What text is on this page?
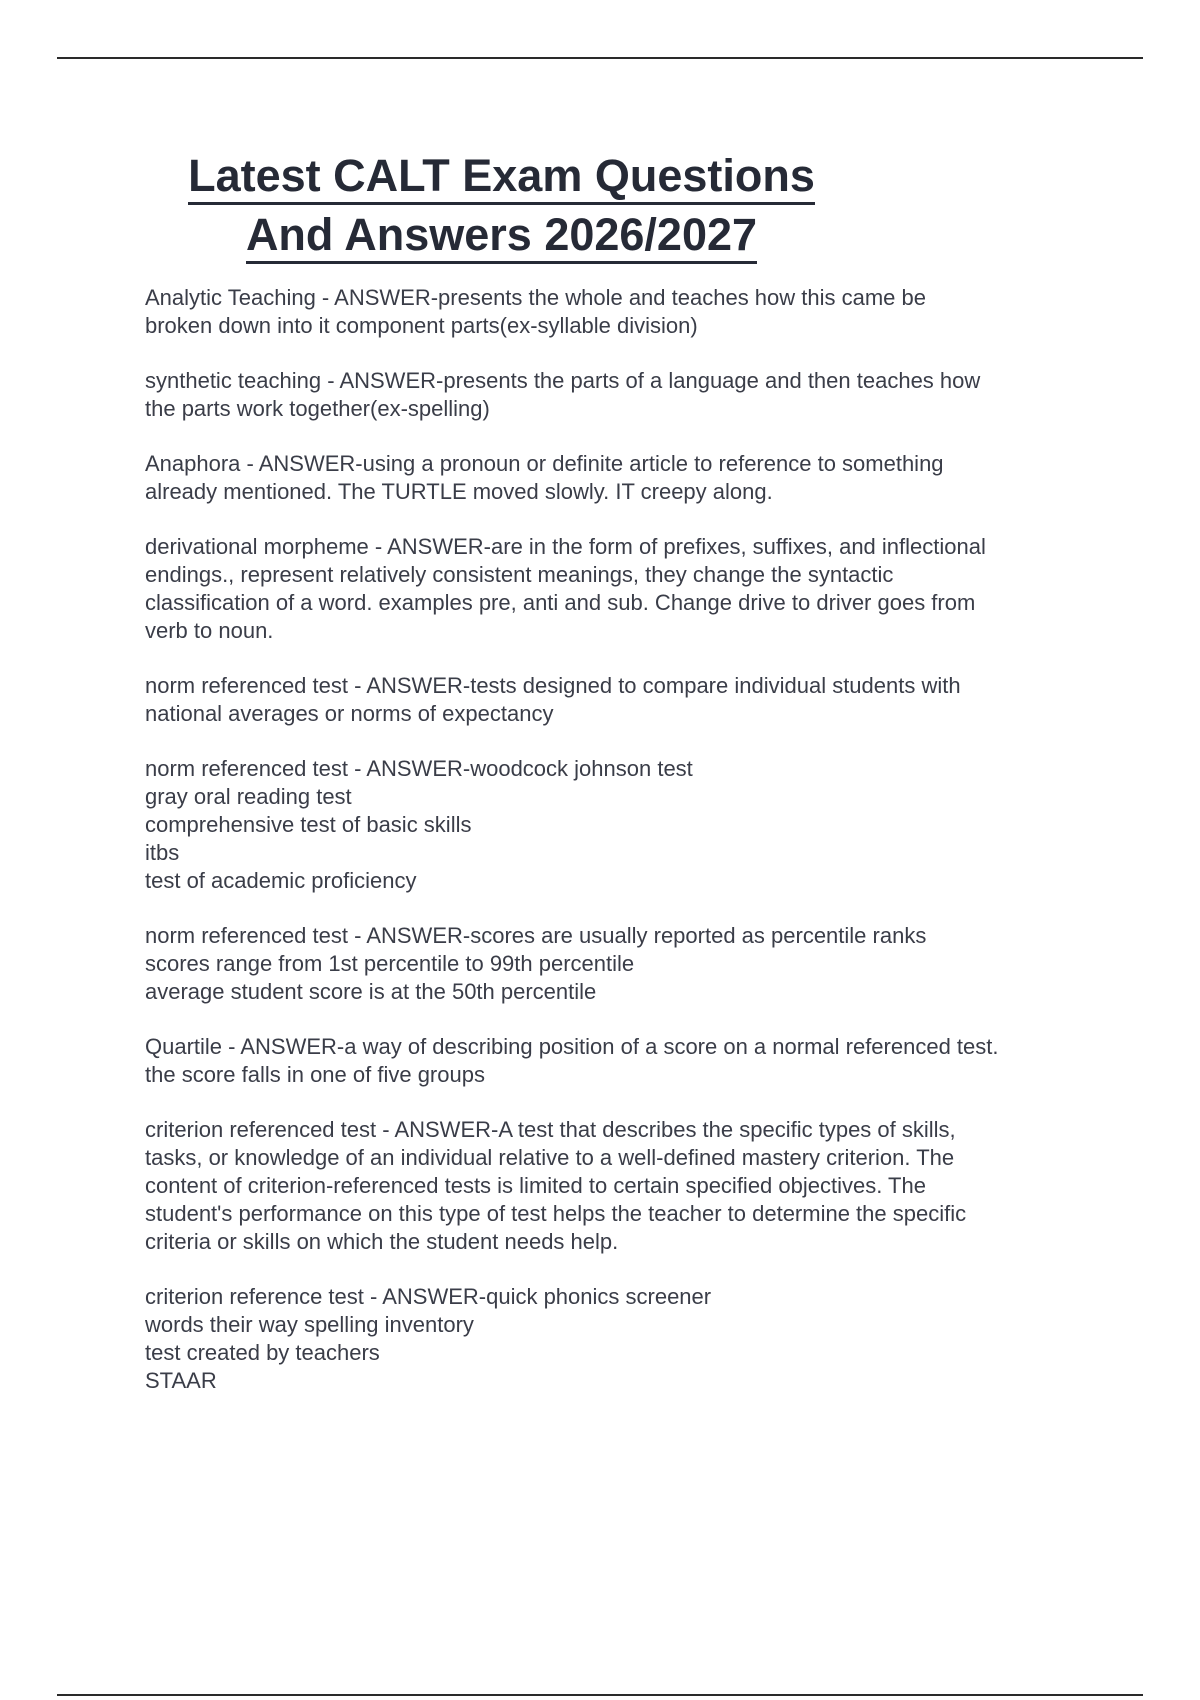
Latest CALT Exam Questions
And Answers 2026/2027
Analytic Teaching - ANSWER-presents the whole and teaches how this came be
broken down into it component parts(ex-syllable division)
synthetic teaching - ANSWER-presents the parts of a language and then teaches how
the parts work together(ex-spelling)
Anaphora - ANSWER-using a pronoun or definite article to reference to something
already mentioned. The TURTLE moved slowly. IT creepy along.
derivational morpheme - ANSWER-are in the form of prefixes, suffixes, and inflectional
endings., represent relatively consistent meanings, they change the syntactic
classification of a word. examples pre, anti and sub. Change drive to driver goes from
verb to noun.
norm referenced test - ANSWER-tests designed to compare individual students with
national averages or norms of expectancy
norm referenced test - ANSWER-woodcock johnson test
gray oral reading test
comprehensive test of basic skills
itbs
test of academic proficiency
norm referenced test - ANSWER-scores are usually reported as percentile ranks
scores range from 1st percentile to 99th percentile
average student score is at the 50th percentile
Quartile - ANSWER-a way of describing position of a score on a normal referenced test.
the score falls in one of five groups
criterion referenced test - ANSWER-A test that describes the specific types of skills,
tasks, or knowledge of an individual relative to a well-defined mastery criterion. The
content of criterion-referenced tests is limited to certain specified objectives. The
student's performance on this type of test helps the teacher to determine the specific
criteria or skills on which the student needs help.
criterion reference test - ANSWER-quick phonics screener
words their way spelling inventory
test created by teachers
STAAR
